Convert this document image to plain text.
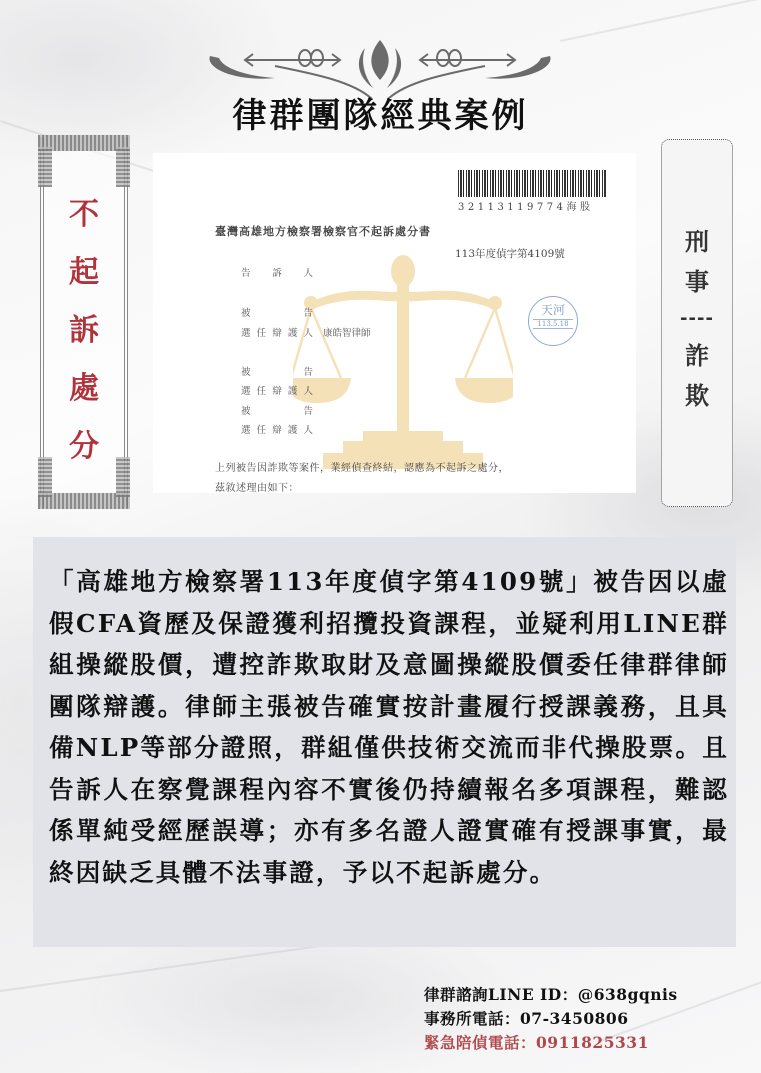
律群團隊經典案例
不
起
訴
處
分
32113119774海股
臺灣高雄地方檢察署檢察官不起訴處分書
113年度偵字第4109號
告 訴 人
被 告
選任辯護人 康皓智律師
被 告
選任辯護人
被 告
選任辯護人
天河
113.5.18
上列被告因詐欺等案件，業經偵查終結，認應為不起訴之處分，
茲敘述理由如下：
刑
事
----
詐
欺

「高雄地方檢察署113年度偵字第4109號」被告因以虛假CFA資歷及保證獲利招攬投資課程，並疑利用LINE群組操縱股價，遭控詐欺取財及意圖操縱股價委任律群律師團隊辯護。律師主張被告確實按計畫履行授課義務，且具備NLP等部分證照，群組僅供技術交流而非代操股票。且告訴人在察覺課程內容不實後仍持續報名多項課程，難認係單純受經歷誤導；亦有多名證人證實確有授課事實，最終因缺乏具體不法事證，予以不起訴處分。

律群諮詢LINE ID：@638gqnis
事務所電話：07-3450806
緊急陪偵電話：0911825331
